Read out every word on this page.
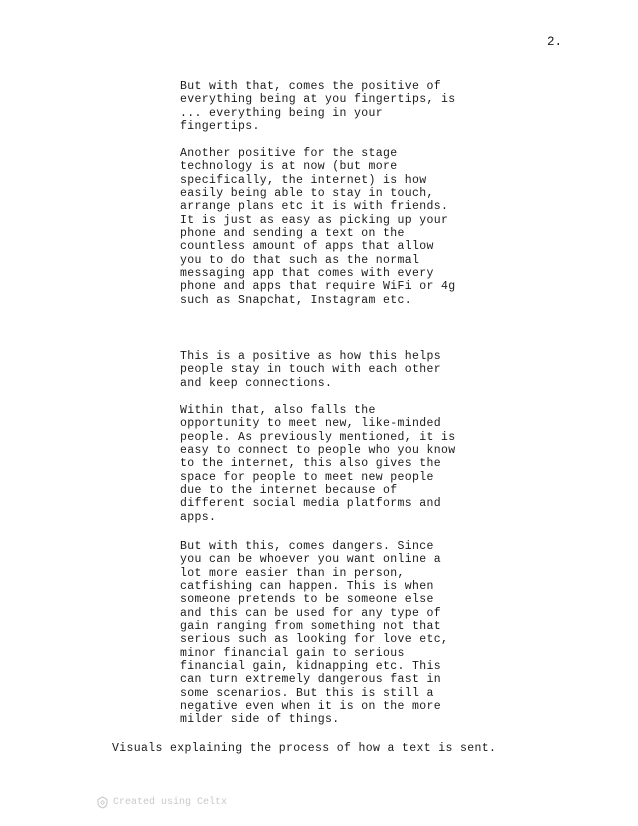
2.

But with that, comes the positive of
everything being at you fingertips, is
... everything being in your
fingertips.

Another positive for the stage
technology is at now (but more
specifically, the internet) is how
easily being able to stay in touch,
arrange plans etc it is with friends.
It is just as easy as picking up your
phone and sending a text on the
countless amount of apps that allow
you to do that such as the normal
messaging app that comes with every
phone and apps that require WiFi or 4g
such as Snapchat, Instagram etc.

This is a positive as how this helps
people stay in touch with each other
and keep connections.

Within that, also falls the
opportunity to meet new, like-minded
people. As previously mentioned, it is
easy to connect to people who you know
to the internet, this also gives the
space for people to meet new people
due to the internet because of
different social media platforms and
apps.

But with this, comes dangers. Since
you can be whoever you want online a
lot more easier than in person,
catfishing can happen. This is when
someone pretends to be someone else
and this can be used for any type of
gain ranging from something not that
serious such as looking for love etc,
minor financial gain to serious
financial gain, kidnapping etc. This
can turn extremely dangerous fast in
some scenarios. But this is still a
negative even when it is on the more
milder side of things.

Visuals explaining the process of how a text is sent.
Created using Celtx
